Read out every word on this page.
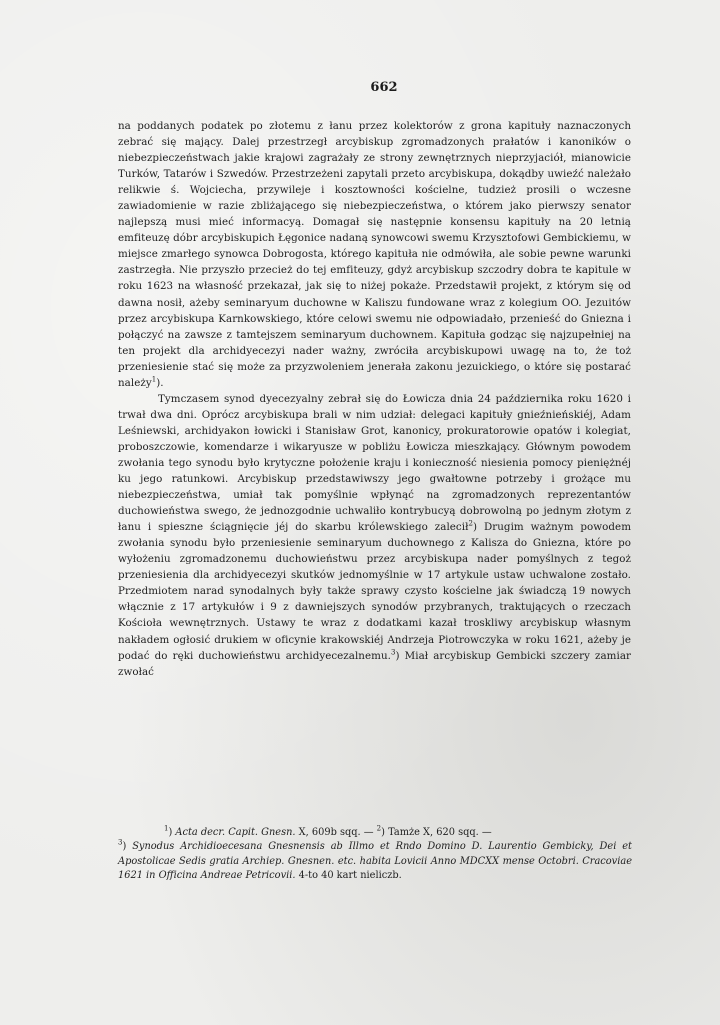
662

na poddanych podatek po złotemu z łanu przez kolektorów z grona kapituły naznaczonych zebrać się mający. Dalej przestrzegł arcybiskup zgromadzonych prałatów i kanoników o niebezpieczeństwach jakie krajowi zagrażały ze strony zewnętrznych nieprzyjaciół, mianowicie Turków, Tatarów i Szwedów. Przestrzeżeni zapytali przeto arcybiskupa, dokądby uwieźć należało relikwie ś. Wojciecha, przywileje i kosztowności kościelne, tudzież prosili o wczesne zawiadomienie w razie zbliżającego się niebezpieczeństwa, o którem jako pierwszy senator najlepszą musi mieć informacyą. Domagał się następnie konsensu kapituły na 20 letnią emfiteuzę dóbr arcybiskupich Łęgonice nadaną synowcowi swemu Krzysztofowi Gembickiemu, w miejsce zmarłego synowca Dobrogosta, którego kapituła nie odmówiła, ale sobie pewne warunki zastrzegła. Nie przyszło przecież do tej emfiteuzy, gdyż arcybiskup szczodry dobra te kapitule w roku 1623 na własność przekazał, jak się to niżej pokaże. Przedstawił projekt, z którym się od dawna nosił, ażeby seminaryum duchowne w Kaliszu fundowane wraz z kolegium OO. Jezuitów przez arcybiskupa Karnkowskiego, które celowi swemu nie odpowiadało, przenieść do Gniezna i połączyć na zawsze z tamtejszem seminaryum duchownem. Kapituła godząc się najzupełniej na ten projekt dla archidyecezyi nader ważny, zwróciła arcybiskupowi uwagę na to, że toż przeniesienie stać się może za przyzwoleniem jenerała zakonu jezuickiego, o które się postarać należy$^1$).

Tymczasem synod dyecezyalny zebrał się do Łowicza dnia 24 października roku 1620 i trwał dwa dni. Oprócz arcybiskupa brali w nim udział: delegaci kapituły gnieźnieńskiéj, Adam Leśniewski, archidyakon łowicki i Stanisław Grot, kanonicy, prokuratorowie opatów i kolegiat, proboszczowie, komendarze i wikaryusze w pobliżu Łowicza mieszkający. Głównym powodem zwołania tego synodu było krytyczne położenie kraju i konieczność niesienia pomocy pieniężnéj ku jego ratunkowi. Arcybiskup przedstawiwszy jego gwałtowne potrzeby i grożące mu niebezpieczeństwa, umiał tak pomyślnie wpłynąć na zgromadzonych reprezentantów duchowieństwa swego, że jednozgodnie uchwaliło kontrybucyą dobrowolną po jednym złotym z łanu i spieszne ściągnięcie jéj do skarbu królewskiego zalecił$^2$) Drugim ważnym powodem zwołania synodu było przeniesienie seminaryum duchownego z Kalisza do Gniezna, które po wyłożeniu zgromadzonemu duchowieństwu przez arcybiskupa nader pomyślnych z tegoż przeniesienia dla archidyecezyi skutków jednomyślnie w 17 artykule ustaw uchwalone zostało. Przedmiotem narad synodalnych były także sprawy czysto kościelne jak świadczą 19 nowych włącznie z 17 artykułów i 9 z dawniejszych synodów przybranych, traktujących o rzeczach Kościoła wewnętrznych. Ustawy te wraz z dodatkami kazał troskliwy arcybiskup własnym nakładem ogłosić drukiem w oficynie krakowskiéj Andrzeja Piotrowczyka w roku 1621, ażeby je podać do ręki duchowieństwu archidyecezalnemu.$^3$) Miał arcybiskup Gembicki szczery zamiar zwołać

$^1$) Acta decr. Capit. Gnesn. X, 609b sqq. — $^2$) Tamże X, 620 sqq. —

$^3$) Synodus Archidioecesana Gnesnensis ab Illmo et Rndo Domino D. Laurentio Gembicky, Dei et Apostolicae Sedis gratia Archiep. Gnesnen. etc. habita Lovicii Anno MDCXX mense Octobri. Cracoviae 1621 in Officina Andreae Petricovii. 4-to 40 kart nieliczb.
